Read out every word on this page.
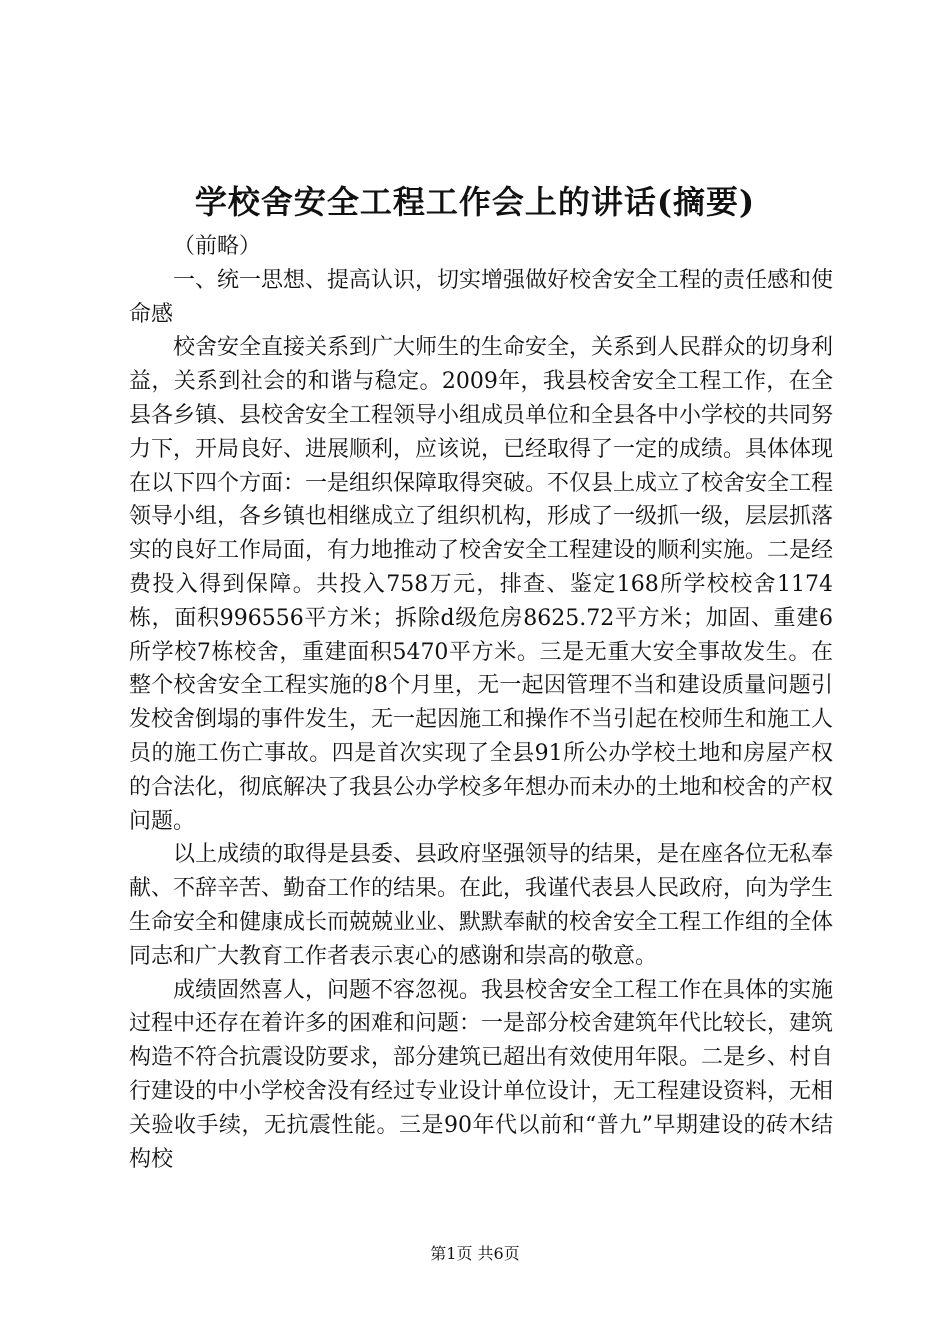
学校舍安全工程工作会上的讲话(摘要)

（前略）

一、统一思想、提高认识，切实增强做好校舍安全工程的责任感和使命感

校舍安全直接关系到广大师生的生命安全，关系到人民群众的切身利益，关系到社会的和谐与稳定。2009年，我县校舍安全工程工作，在全县各乡镇、县校舍安全工程领导小组成员单位和全县各中小学校的共同努力下，开局良好、进展顺利，应该说，已经取得了一定的成绩。具体体现在以下四个方面：一是组织保障取得突破。不仅县上成立了校舍安全工程领导小组，各乡镇也相继成立了组织机构，形成了一级抓一级，层层抓落实的良好工作局面，有力地推动了校舍安全工程建设的顺利实施。二是经费投入得到保障。共投入758万元，排查、鉴定168所学校校舍1174栋，面积996556平方米；拆除d级危房8625.72平方米；加固、重建6所学校7栋校舍，重建面积5470平方米。三是无重大安全事故发生。在整个校舍安全工程实施的8个月里，无一起因管理不当和建设质量问题引发校舍倒塌的事件发生，无一起因施工和操作不当引起在校师生和施工人员的施工伤亡事故。四是首次实现了全县91所公办学校土地和房屋产权的合法化，彻底解决了我县公办学校多年想办而未办的土地和校舍的产权问题。

以上成绩的取得是县委、县政府坚强领导的结果，是在座各位无私奉献、不辞辛苦、勤奋工作的结果。在此，我谨代表县人民政府，向为学生生命安全和健康成长而兢兢业业、默默奉献的校舍安全工程工作组的全体同志和广大教育工作者表示衷心的感谢和崇高的敬意。

成绩固然喜人，问题不容忽视。我县校舍安全工程工作在具体的实施过程中还存在着许多的困难和问题：一是部分校舍建筑年代比较长，建筑构造不符合抗震设防要求，部分建筑已超出有效使用年限。二是乡、村自行建设的中小学校舍没有经过专业设计单位设计，无工程建设资料，无相关验收手续，无抗震性能。三是90年代以前和“普九”早期建设的砖木结构校

第1页 共6页
